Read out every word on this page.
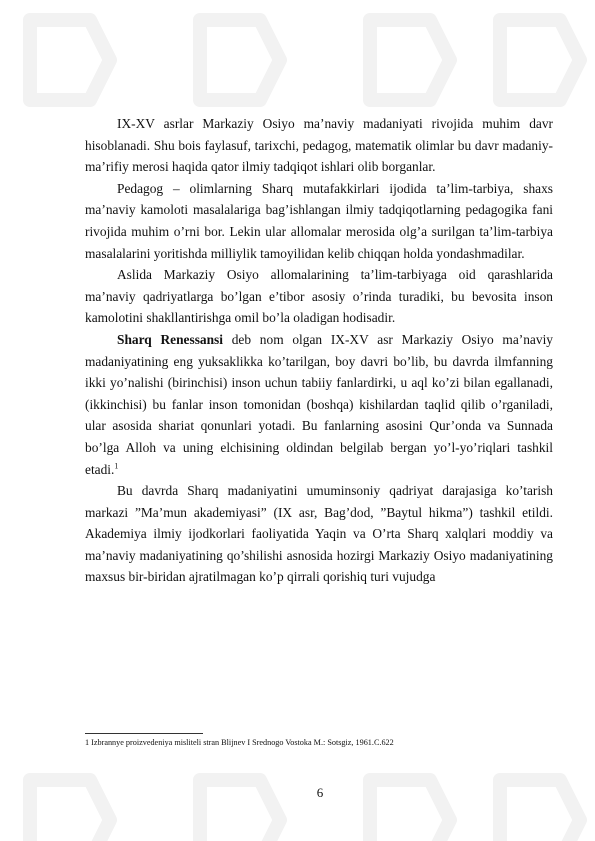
IX-XV asrlar Markaziy Osiyo ma’naviy madaniyati rivojida muhim davr hisoblanadi. Shu bois faylasuf, tarixchi, pedagog, matematik olimlar bu davr madaniy-ma’rifiy merosi haqida qator ilmiy tadqiqot ishlari olib borganlar.

Pedagog – olimlarning Sharq mutafakkirlari ijodida ta’lim-tarbiya, shaxs ma’naviy kamoloti masalalariga bag’ishlangan ilmiy tadqiqotlarning pedagogika fani rivojida muhim o’rni bor. Lekin ular allomalar merosida olg’a surilgan ta’lim-tarbiya masalalarini yoritishda milliylik tamoyilidan kelib chiqqan holda yondashmadilar.

Aslida Markaziy Osiyo allomalarining ta’lim-tarbiyaga oid qarashlarida ma’naviy qadriyatlarga bo’lgan e’tibor asosiy o’rinda turadiki, bu bevosita inson kamolotini shakllantirishga omil bo’la oladigan hodisadir.

Sharq Renessansi deb nom olgan IX-XV asr Markaziy Osiyo ma’naviy madaniyatining eng yuksaklikka ko’tarilgan, boy davri bo’lib, bu davrda ilmfanning ikki yo’nalishi (birinchisi) inson uchun tabiiy fanlardirki, u aql ko’zi bilan egallanadi, (ikkinchisi) bu fanlar inson tomonidan (boshqa) kishilardan taqlid qilib o’rganiladi, ular asosida shariat qonunlari yotadi. Bu fanlarning asosini Qur’onda va Sunnada bo’lga Alloh va uning elchisining oldindan belgilab bergan yo’l-yo’riqlari tashkil etadi.$^1$

Bu davrda Sharq madaniyatini umuminsoniy qadriyat darajasiga ko’tarish markazi ”Ma’mun akademiyasi” (IX asr, Bag’dod, ”Baytul hikma”) tashkil etildi. Akademiya ilmiy ijodkorlari faoliyatida Yaqin va O’rta Sharq xalqlari moddiy va ma’naviy madaniyatining qo’shilishi asnosida hozirgi Markaziy Osiyo madaniyatining maxsus bir-biridan ajratilmagan ko’p qirrali qorishiq turi vujudga

1 Izbrannуe proizvedeniya mislitelі stran Blijnev I Srednogo Vostoka M.: Sotsgiz, 1961.C.622
6
